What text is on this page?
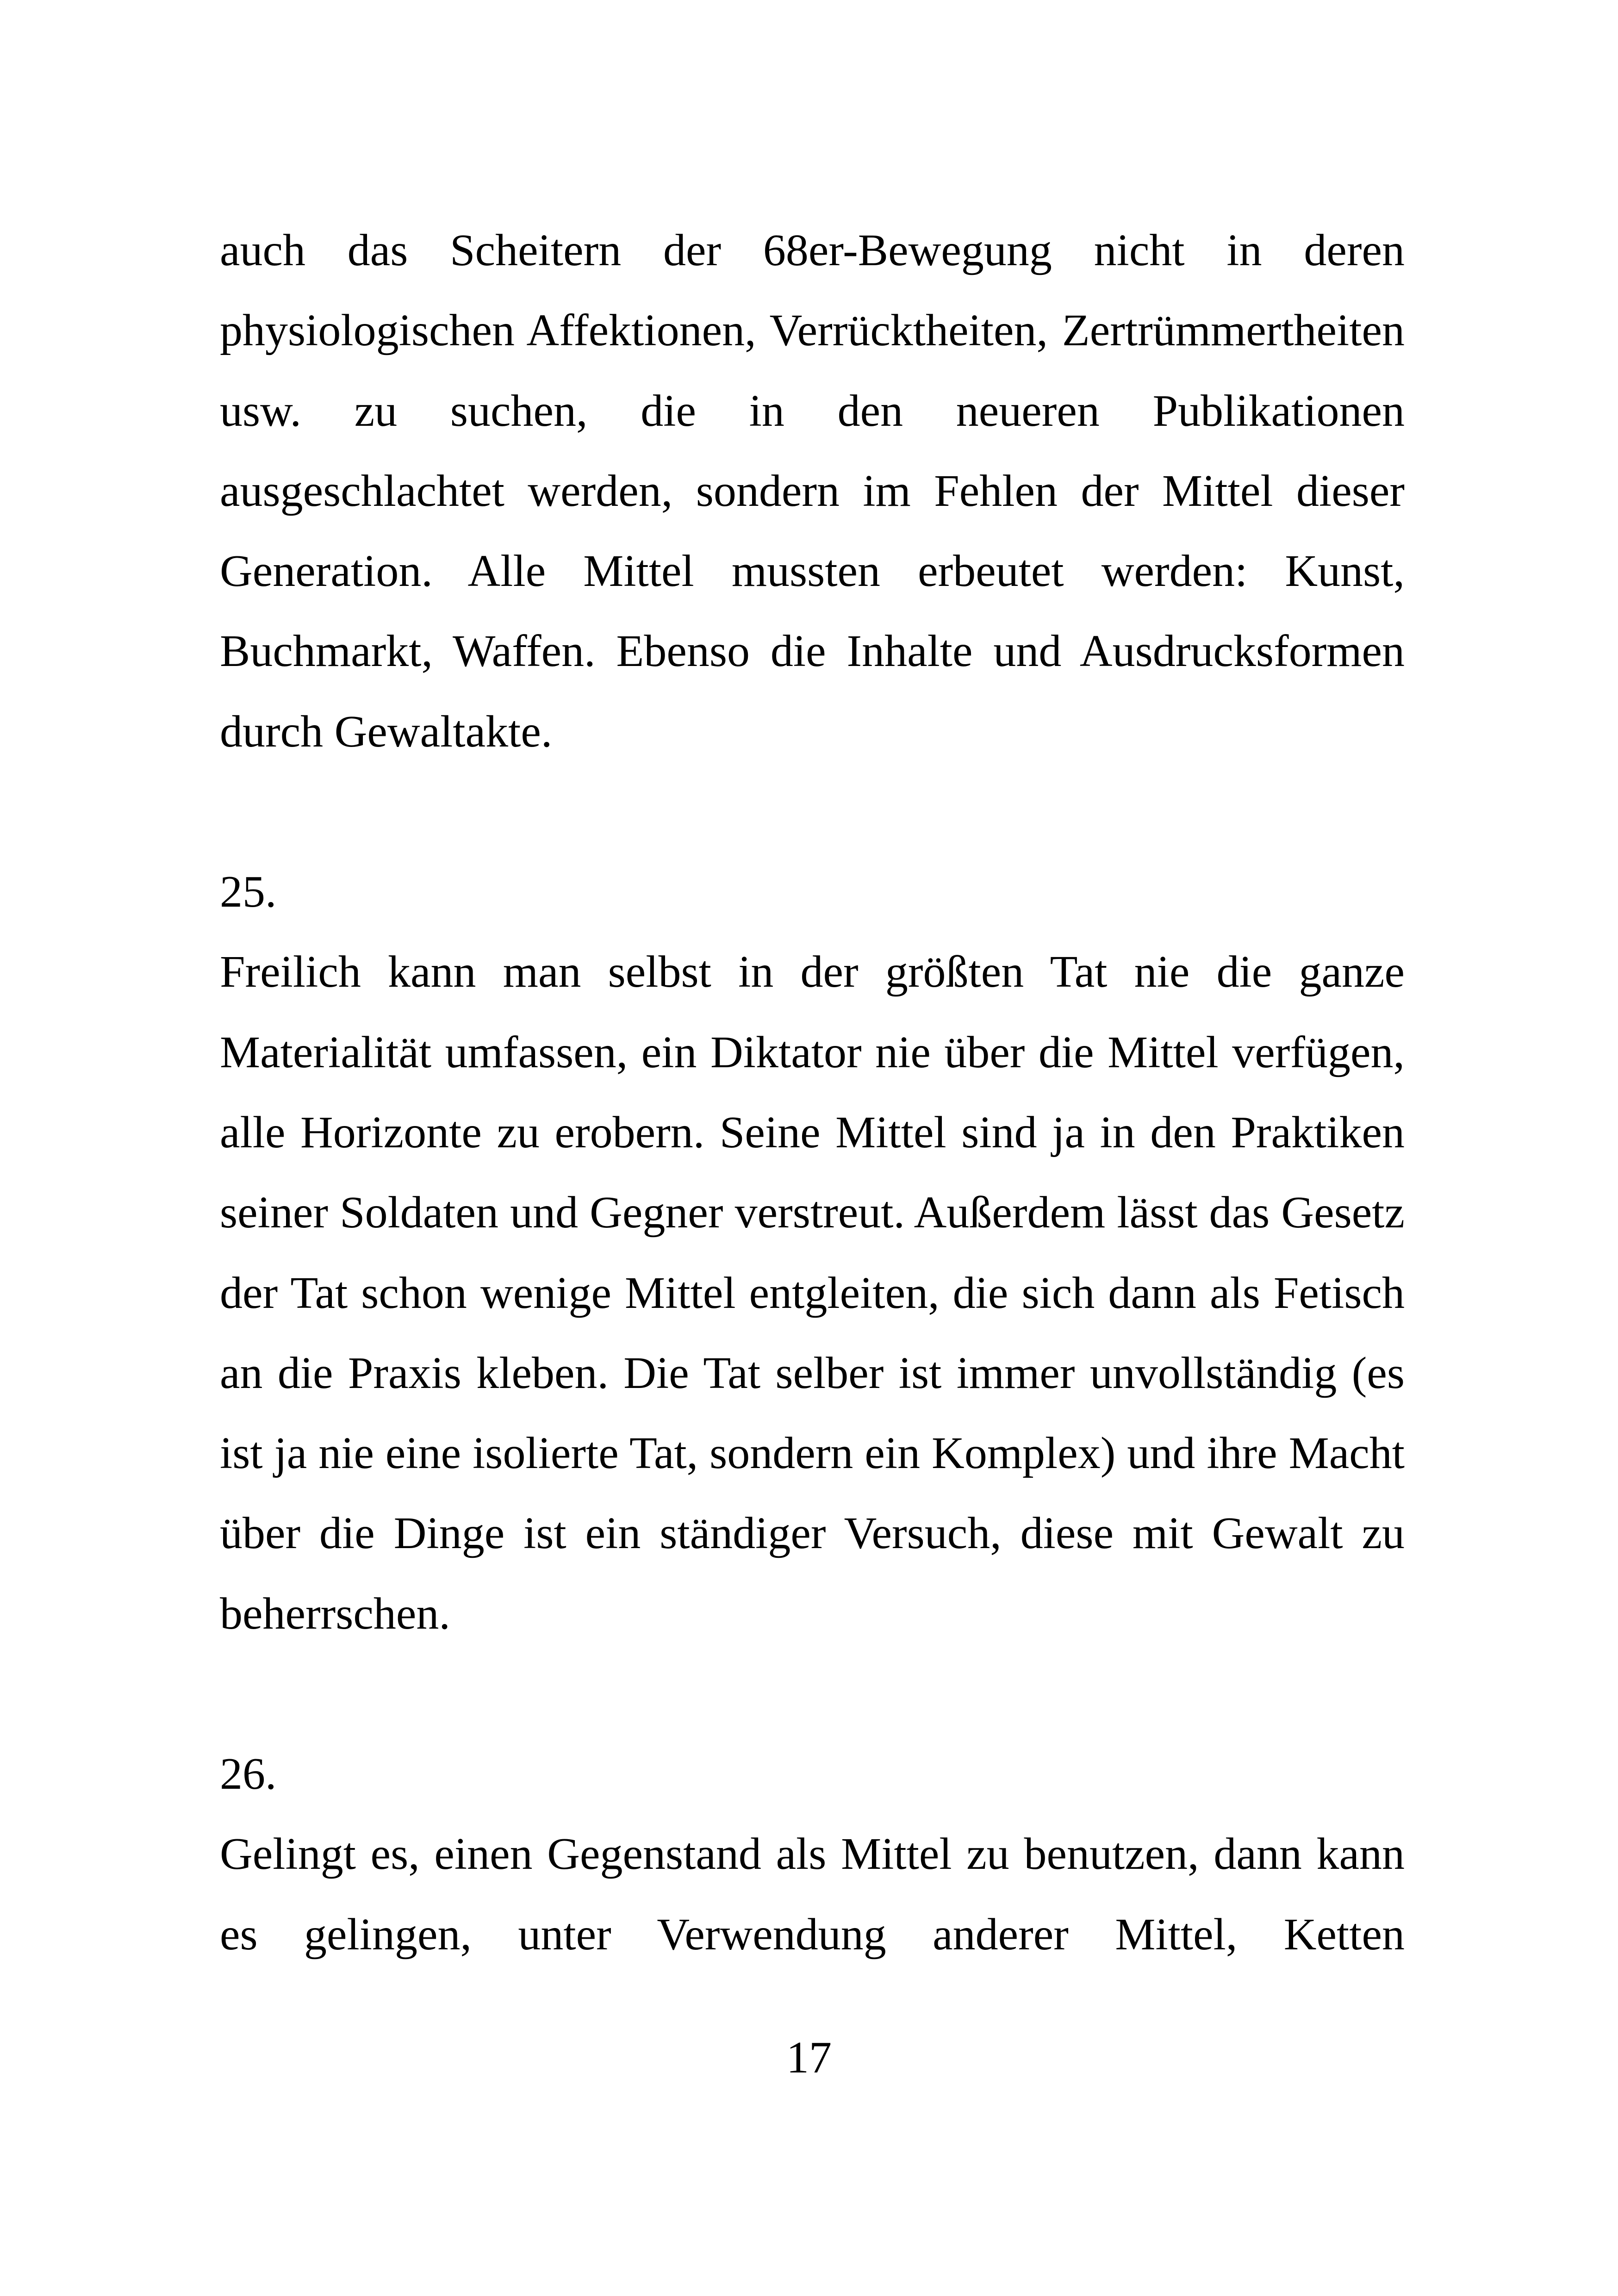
auch das Scheitern der 68er-Bewegung nicht in deren physiologischen Affektionen, Verrücktheiten, Zertrümmertheiten usw. zu suchen, die in den neueren Publikationen ausgeschlachtet werden, sondern im Fehlen der Mittel dieser Generation. Alle Mittel mussten erbeutet werden: Kunst, Buchmarkt, Waffen. Ebenso die Inhalte und Ausdrucksformen durch Gewaltakte.

25.

Freilich kann man selbst in der größten Tat nie die ganze Materialität umfassen, ein Diktator nie über die Mittel verfügen, alle Horizonte zu erobern. Seine Mittel sind ja in den Praktiken seiner Soldaten und Gegner verstreut. Außerdem lässt das Gesetz der Tat schon wenige Mittel entgleiten, die sich dann als Fetisch an die Praxis kleben. Die Tat selber ist immer unvollständig (es ist ja nie eine isolierte Tat, sondern ein Komplex) und ihre Macht über die Dinge ist ein ständiger Versuch, diese mit Gewalt zu beherrschen.

26.

Gelingt es, einen Gegenstand als Mittel zu benutzen, dann kann es gelingen, unter Verwendung anderer Mittel, Ketten

17
